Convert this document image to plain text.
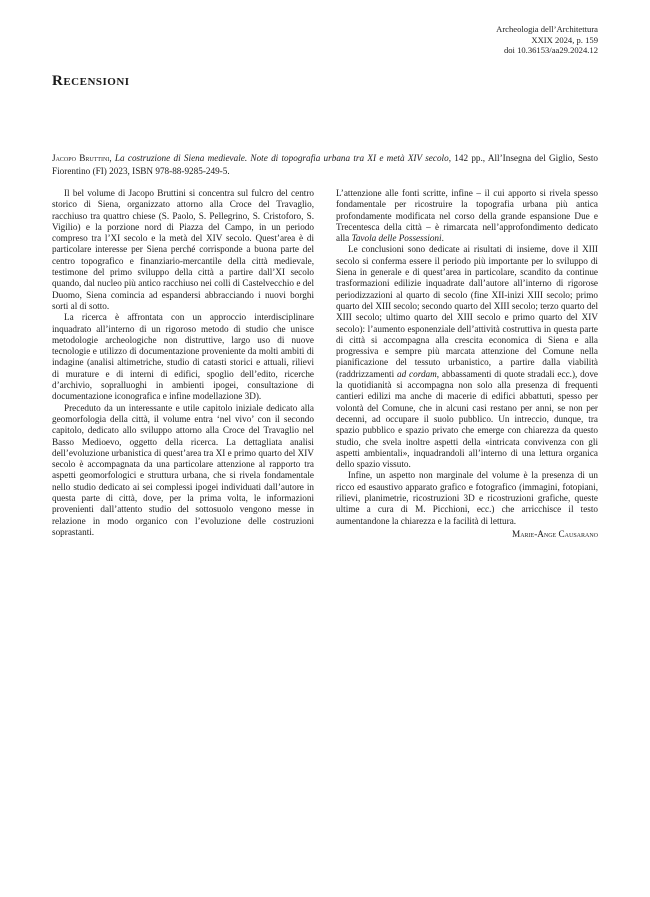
Archeologia dell’Architettura
XXIX 2024, p. 159
doi 10.36153/aa29.2024.12
Recensioni

Jacopo Bruttini, La costruzione di Siena medievale. Note di topografia urbana tra XI e metà XIV secolo, 142 pp., All’Insegna del Giglio, Sesto Fiorentino (FI) 2023, ISBN 978-88-9285-249-5.

Il bel volume di Jacopo Bruttini si concentra sul fulcro del centro storico di Siena, organizzato attorno alla Croce del Travaglio, racchiuso tra quattro chiese (S. Paolo, S. Pellegrino, S. Cristoforo, S. Vigilio) e la porzione nord di Piazza del Campo, in un periodo compreso tra l’XI secolo e la metà del XIV secolo. Quest’area è di particolare interesse per Siena perché corrisponde a buona parte del centro topografico e finanziario-mercantile della città medievale, testimone del primo sviluppo della città a partire dall’XI secolo quando, dal nucleo più antico racchiuso nei colli di Castelvecchio e del Duomo, Siena comincia ad espandersi abbracciando i nuovi borghi sorti al di sotto.

La ricerca è affrontata con un approccio interdisciplinare inquadrato all’interno di un rigoroso metodo di studio che unisce metodologie archeologiche non distruttive, largo uso di nuove tecnologie e utilizzo di documentazione proveniente da molti ambiti di indagine (analisi altimetriche, studio di catasti storici e attuali, rilievi di murature e di interni di edifici, spoglio dell’edito, ricerche d’archivio, sopralluoghi in ambienti ipogei, consultazione di documentazione iconografica e infine modellazione 3D).

Preceduto da un interessante e utile capitolo iniziale dedicato alla geomorfologia della città, il volume entra ‘nel vivo’ con il secondo capitolo, dedicato allo sviluppo attorno alla Croce del Travaglio nel Basso Medioevo, oggetto della ricerca. La dettagliata analisi dell’evoluzione urbanistica di quest’area tra XI e primo quarto del XIV secolo è accompagnata da una particolare attenzione al rapporto tra aspetti geomorfologici e struttura urbana, che si rivela fondamentale nello studio dedicato ai sei complessi ipogei individuati dall’autore in questa parte di città, dove, per la prima volta, le informazioni provenienti dall’attento studio del sottosuolo vengono messe in relazione in modo organico con l’evoluzione delle costruzioni soprastanti.

L’attenzione alle fonti scritte, infine – il cui apporto si rivela spesso fondamentale per ricostruire la topografia urbana più antica profondamente modificata nel corso della grande espansione Due e Trecentesca della città – è rimarcata nell’approfondimento dedicato alla Tavola delle Possessioni.

Le conclusioni sono dedicate ai risultati di insieme, dove il XIII secolo si conferma essere il periodo più importante per lo sviluppo di Siena in generale e di quest’area in particolare, scandito da continue trasformazioni edilizie inquadrate dall’autore all’interno di rigorose periodizzazioni al quarto di secolo (fine XII-inizi XIII secolo; primo quarto del XIII secolo; secondo quarto del XIII secolo; terzo quarto del XIII secolo; ultimo quarto del XIII secolo e primo quarto del XIV secolo): l’aumento esponenziale dell’attività costruttiva in questa parte di città si accompagna alla crescita economica di Siena e alla progressiva e sempre più marcata attenzione del Comune nella pianificazione del tessuto urbanistico, a partire dalla viabilità (raddrizzamenti ad cordam, abbassamenti di quote stradali ecc.), dove la quotidianità si accompagna non solo alla presenza di frequenti cantieri edilizi ma anche di macerie di edifici abbattuti, spesso per volontà del Comune, che in alcuni casi restano per anni, se non per decenni, ad occupare il suolo pubblico. Un intreccio, dunque, tra spazio pubblico e spazio privato che emerge con chiarezza da questo studio, che svela inoltre aspetti della «intricata convivenza con gli aspetti ambientali», inquadrandoli all’interno di una lettura organica dello spazio vissuto.

Infine, un aspetto non marginale del volume è la presenza di un ricco ed esaustivo apparato grafico e fotografico (immagini, fotopiani, rilievi, planimetrie, ricostruzioni 3D e ricostruzioni grafiche, queste ultime a cura di M. Picchioni, ecc.) che arricchisce il testo aumentandone la chiarezza e la facilità di lettura.

Marie-Ange Causarano
